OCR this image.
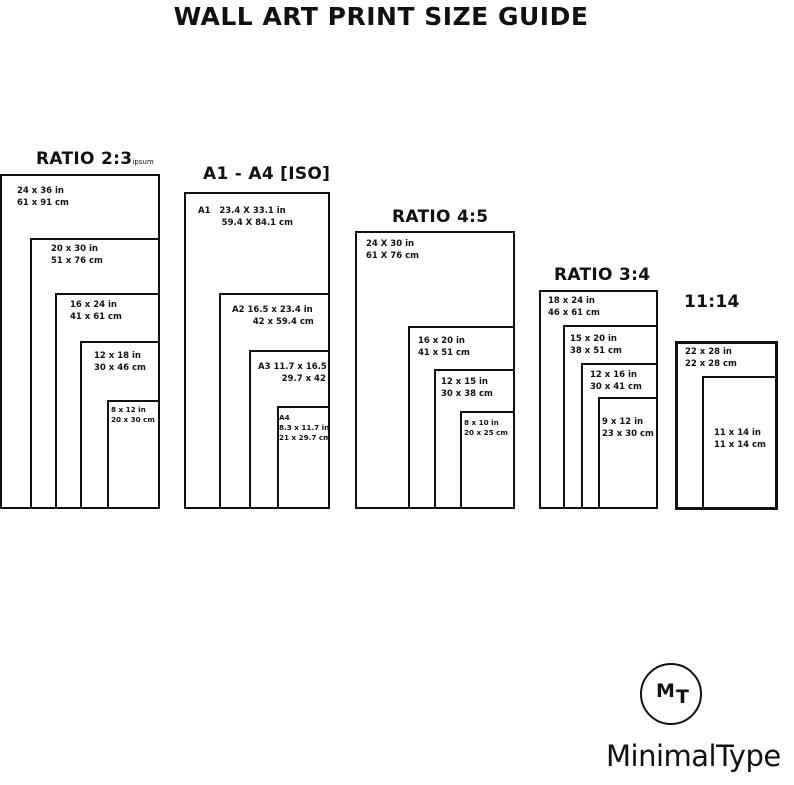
WALL ART PRINT SIZE GUIDE
RATIO 2:3ipsum
24 x 36 in
61 x 91 cm
20 x 30 in
51 x 76 cm
16 x 24 in
41 x 61 cm
12 x 18 in
30 x 46 cm
8 x 12 in
20 x 30 cm
A1 - A4 [ISO]
A1   23.4 X 33.1 in
59.4 X 84.1 cm
A2 16.5 x 23.4 in
42 x 59.4 cm
A3 11.7 x 16.5
29.7 x 42
A4
8.3 x 11.7 in
21 x 29.7 cm
RATIO 4:5
24 X 30 in
61 X 76 cm
16 x 20 in
41 x 51 cm
12 x 15 in
30 x 38 cm
8 x 10 in
20 x 25 cm
RATIO 3:4
18 x 24 in
46 x 61 cm
15 x 20 in
38 x 51 cm
12 x 16 in
30 x 41 cm
9 x 12 in
23 x 30 cm
11:14
22 x 28 in
22 x 28 cm
11 x 14 in
11 x 14 cm
M T
MinimalType
